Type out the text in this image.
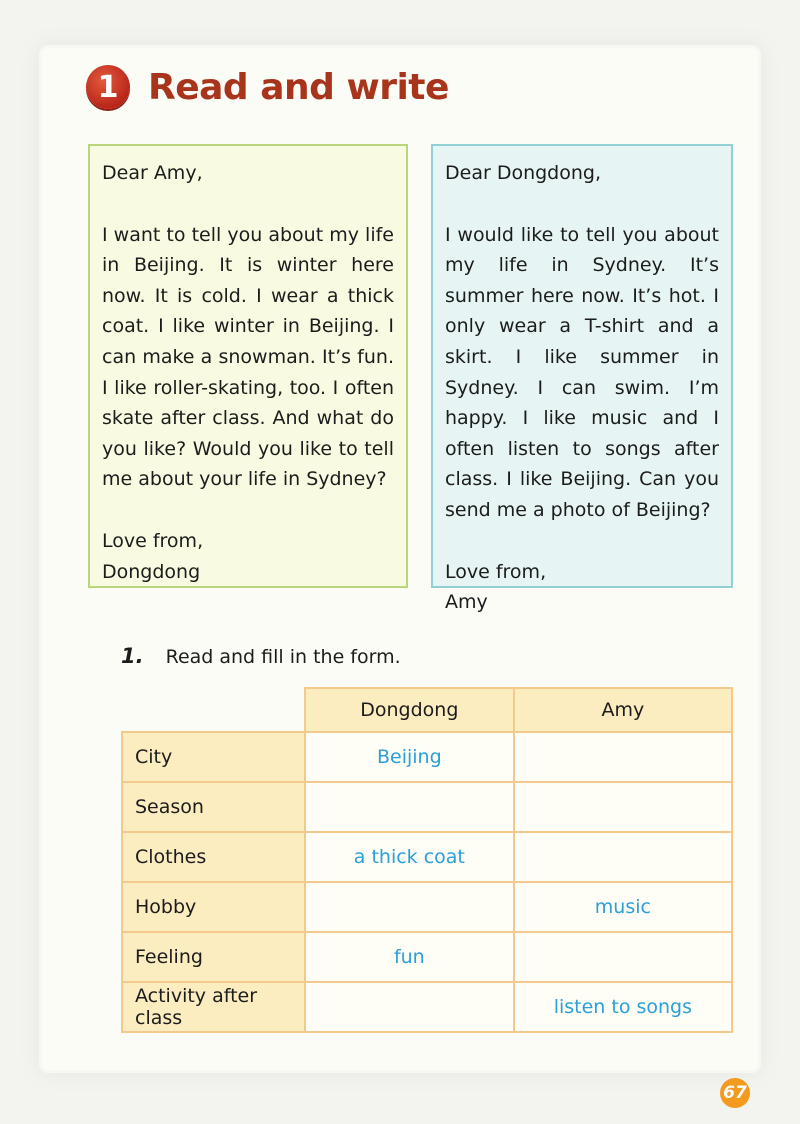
1 Read and write

Dear Amy,

I want to tell you about my life in Beijing. It is winter here now. It is cold. I wear a thick coat. I like winter in Beijing. I can make a snowman. It’s fun. I like roller-skating, too. I often skate after class. And what do you like? Would you like to tell me about your life in Sydney?

Love from,

Dongdong

Dear Dongdong,

I would like to tell you about my life in Sydney. It’s summer here now. It’s hot. I only wear a T-shirt and a skirt. I like summer in Sydney. I can swim. I’m happy. I like music and I often listen to songs after class. I like Beijing. Can you send me a photo of Beijing?

Love from,

Amy

1. Read and fill in the form.
	Dongdong	Amy
City	Beijing	
Season		
Clothes	a thick coat	
Hobby		music
Feeling	fun	
Activity after class		listen to songs
67
